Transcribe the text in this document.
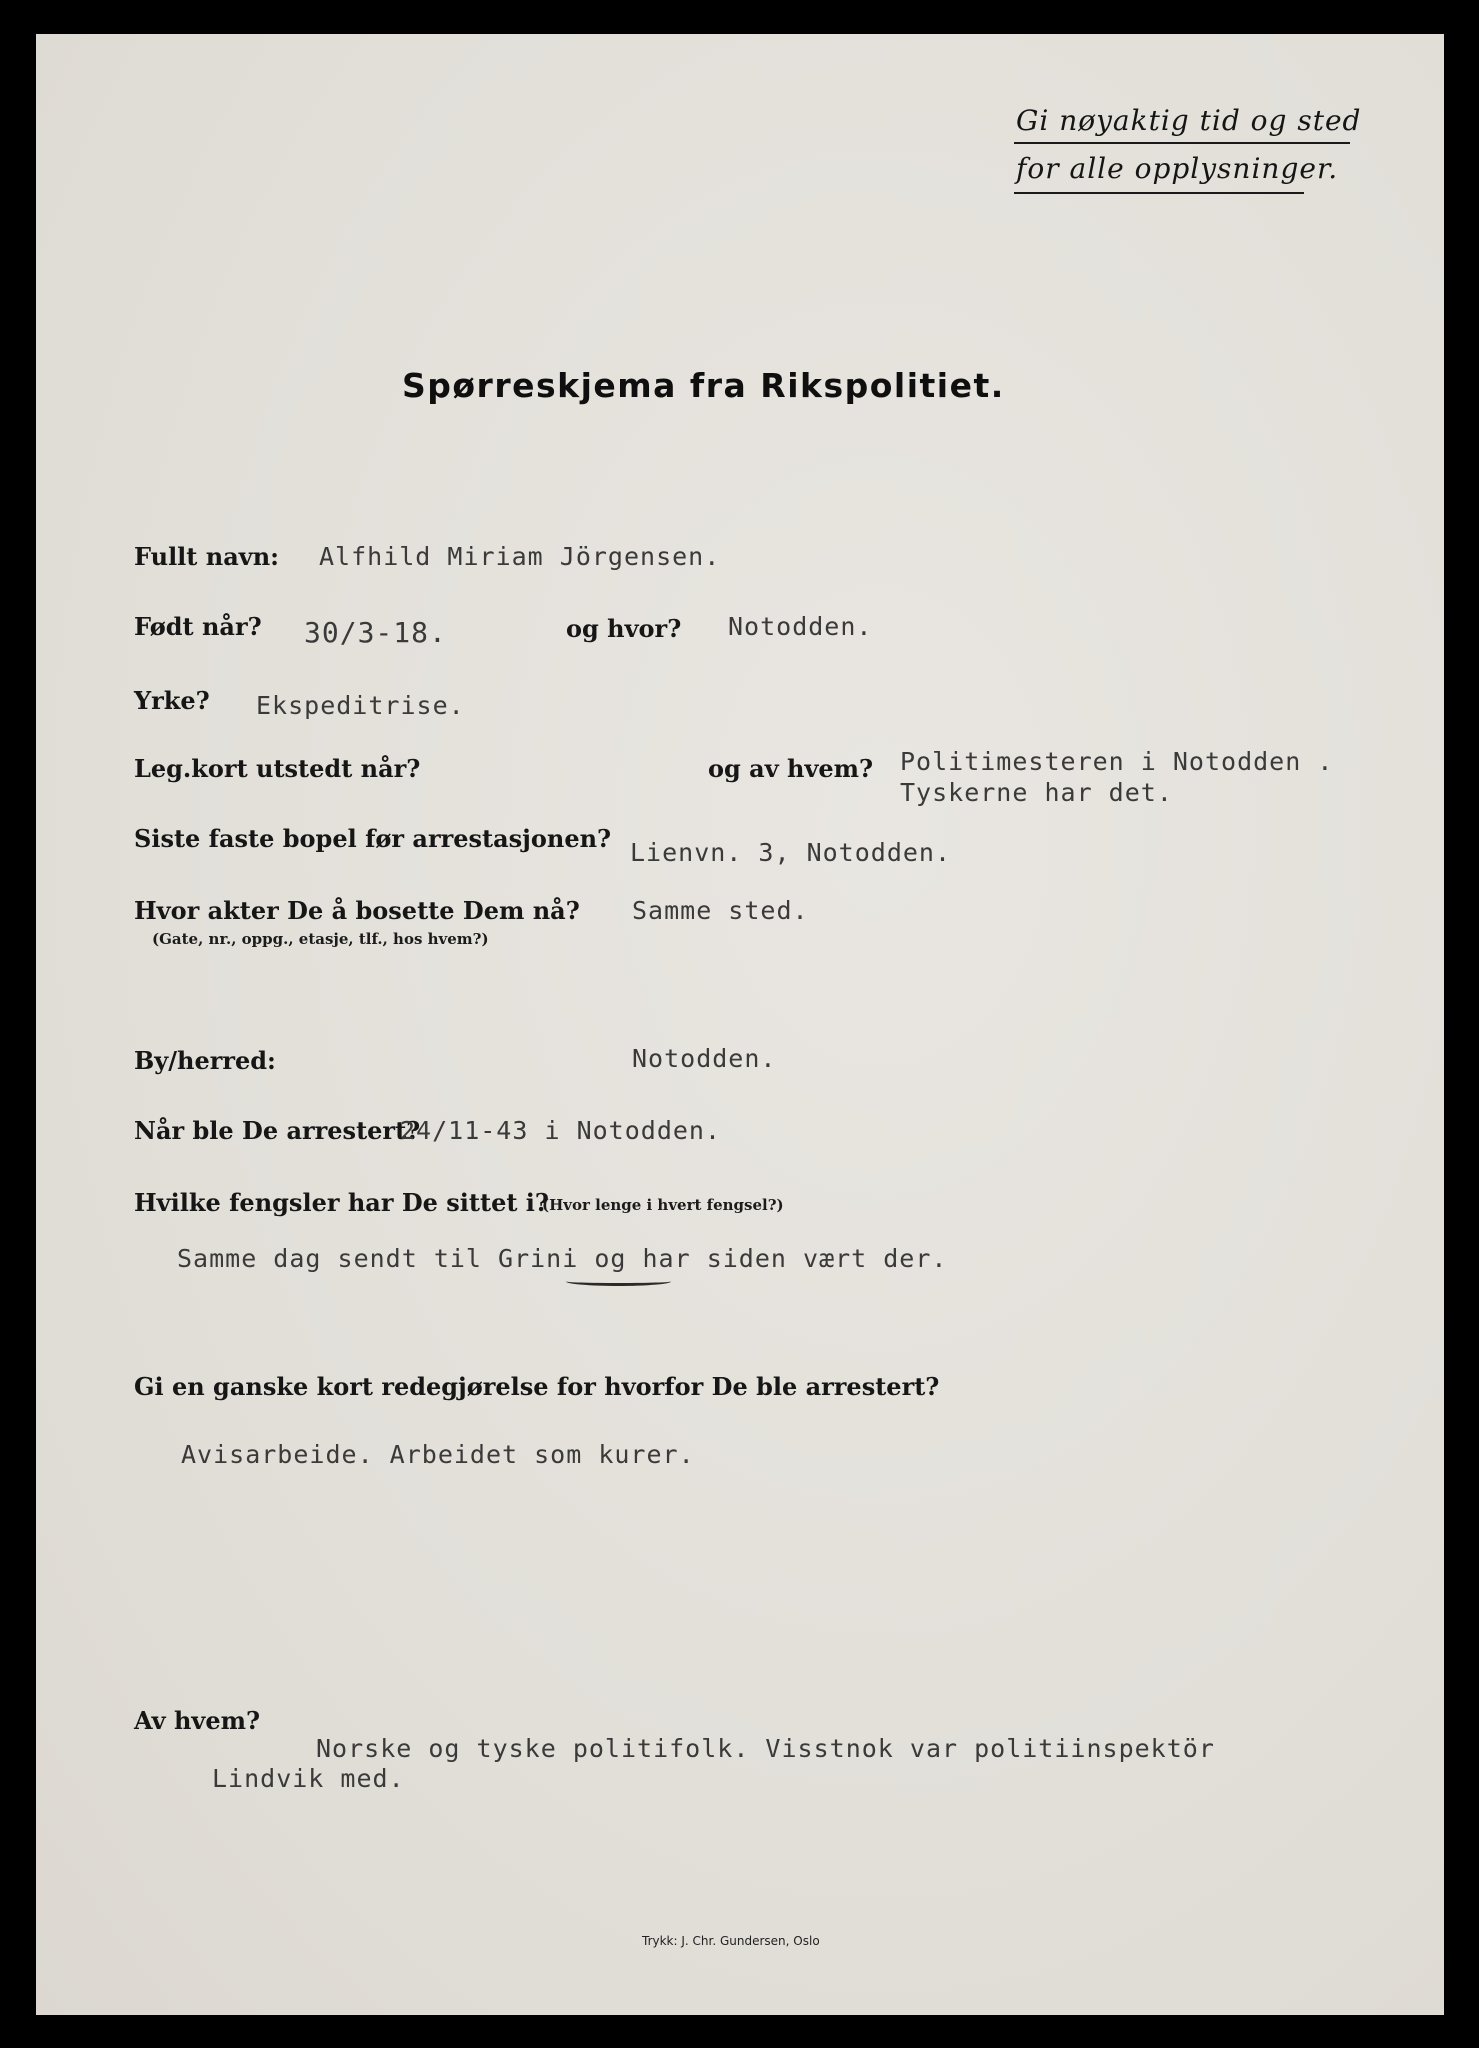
Gi nøyaktig tid og sted
for alle opplysninger.
Spørreskjema fra Rikspolitiet.
Fullt navn: Alfhild Miriam Jörgensen.
Født når? 30/3-18.	og hvor? Notodden.
Yrke? Ekspeditrise.
Leg.kort utstedt når?	og av hvem? Politimesteren i Notodden .
Tyskerne har det.
Siste faste bopel før arrestasjonen? Lienvn. 3, Notodden.
Hvor akter De å bosette Dem nå?
(Gate, nr., oppg., etasje, tlf., hos hvem?)
Samme sted.
By/herred:	Notodden.
Når ble De arrestert?
24/11-43 i Notodden.
Hvilke fengsler har De sittet i?
(Hvor lenge i hvert fengsel?)
Samme dag sendt til Grini og har siden vært der.
Gi en ganske kort redegjørelse for hvorfor De ble arrestert?
Avisarbeide. Arbeidet som kurer.
Av hvem?
Norske og tyske politifolk. Visstnok var politiinspektör
Lindvik med.
Trykk: J. Chr. Gundersen, Oslo
